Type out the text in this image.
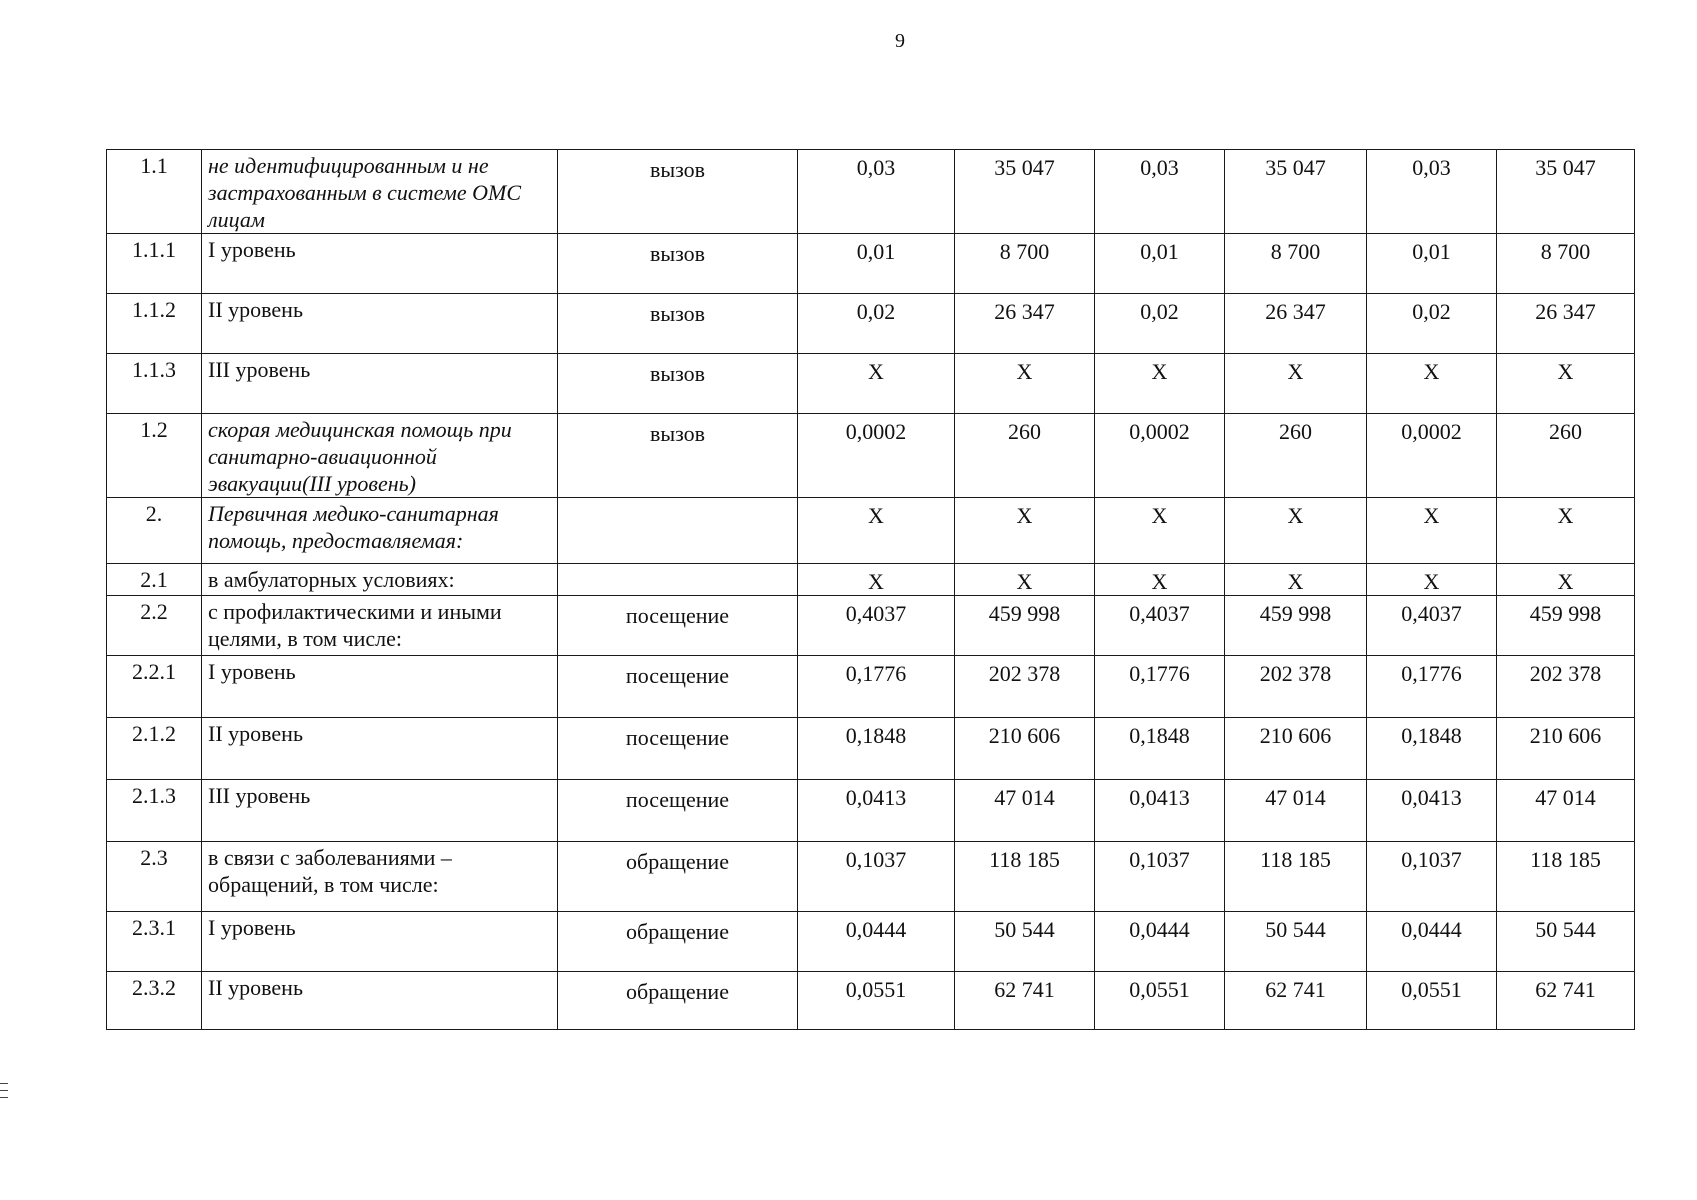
9
1.1	не идентифицированным и не застрахованным в системе ОМС лицам	вызов	0,03	35 047	0,03	35 047	0,03	35 047
1.1.1	I уровень	вызов	0,01	8 700	0,01	8 700	0,01	8 700
1.1.2	II уровень	вызов	0,02	26 347	0,02	26 347	0,02	26 347
1.1.3	III уровень	вызов	X	X	X	X	X	X
1.2	скорая медицинская помощь при санитарно-авиационной эвакуации(III уровень)	вызов	0,0002	260	0,0002	260	0,0002	260
2.	Первичная медико-санитарная помощь, предоставляемая:		X	X	X	X	X	X
2.1	в амбулаторных условиях:		X	X	X	X	X	X
2.2	с профилактическими и иными целями, в том числе:	посещение	0,4037	459 998	0,4037	459 998	0,4037	459 998
2.2.1	I уровень	посещение	0,1776	202 378	0,1776	202 378	0,1776	202 378
2.1.2	II уровень	посещение	0,1848	210 606	0,1848	210 606	0,1848	210 606
2.1.3	III уровень	посещение	0,0413	47 014	0,0413	47 014	0,0413	47 014
2.3	в связи с заболеваниями – обращений, в том числе:	обращение	0,1037	118 185	0,1037	118 185	0,1037	118 185
2.3.1	I уровень	обращение	0,0444	50 544	0,0444	50 544	0,0444	50 544
2.3.2	II уровень	обращение	0,0551	62 741	0,0551	62 741	0,0551	62 741
